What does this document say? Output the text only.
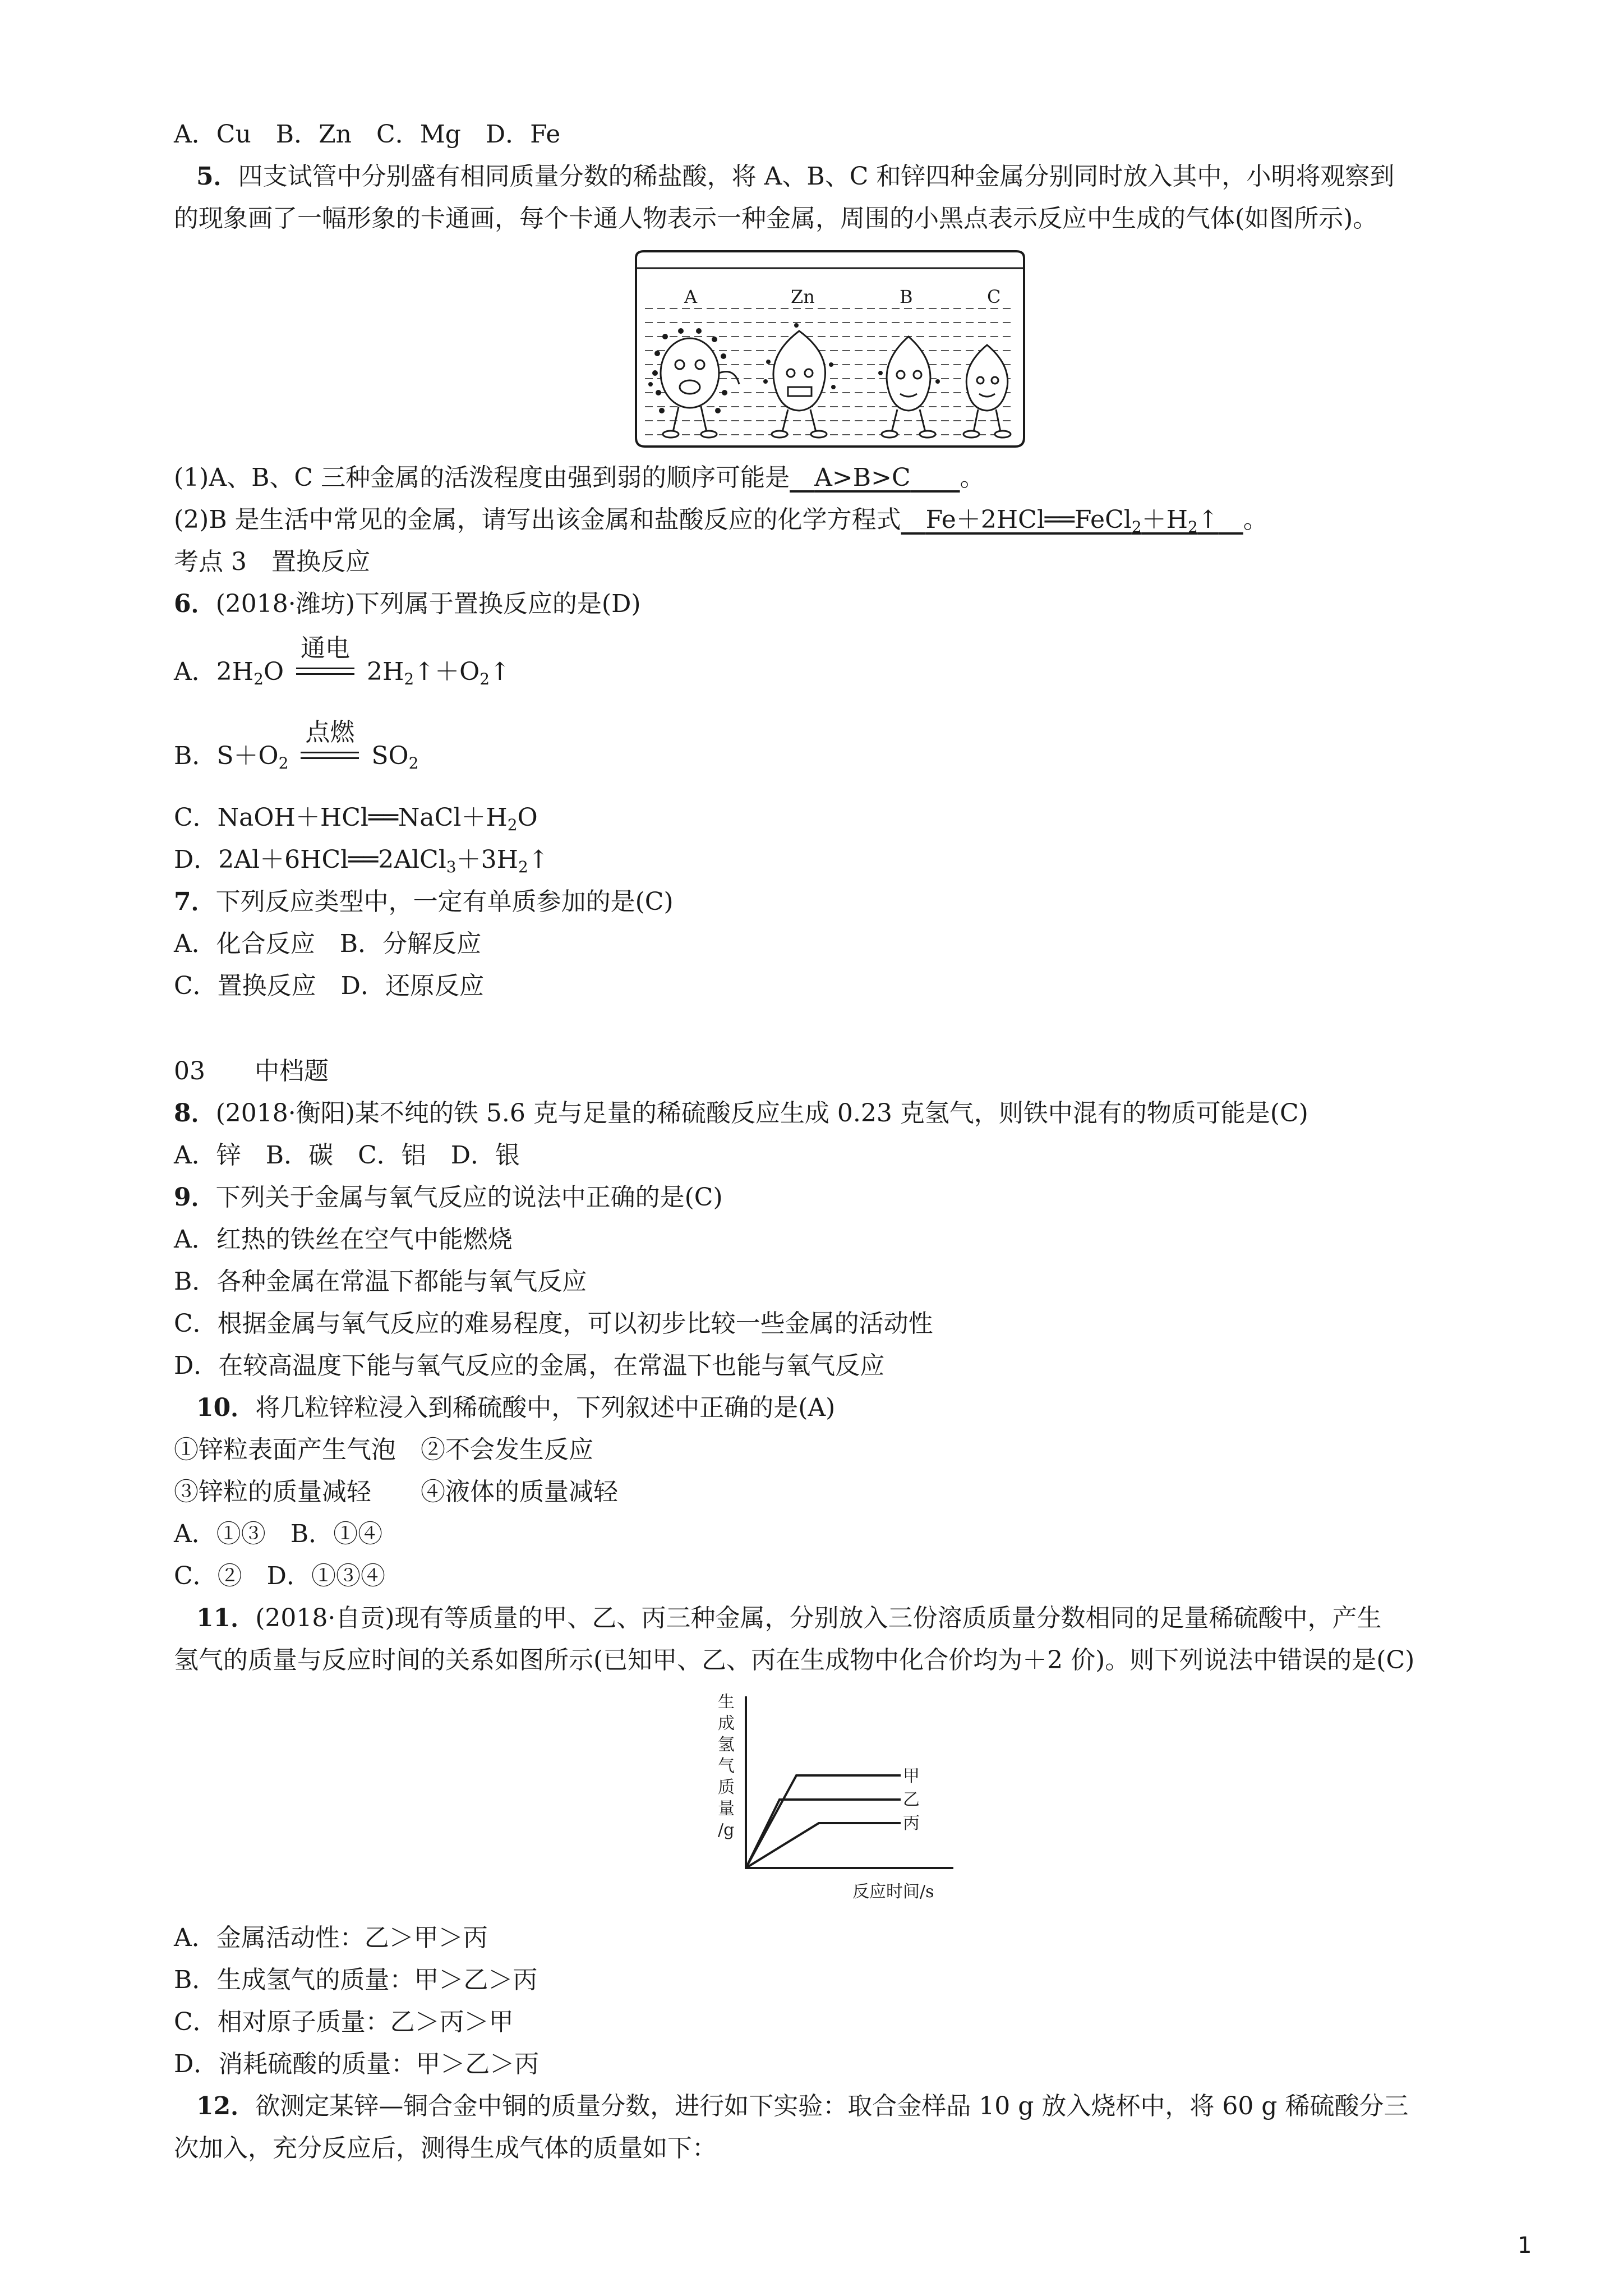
A．Cu　B．Zn　C．Mg　D．Fe
5．四支试管中分别盛有相同质量分数的稀盐酸，将 A、B、C 和锌四种金属分别同时放入其中，小明将观察到
的现象画了一幅形象的卡通画，每个卡通人物表示一种金属，周围的小黑点表示反应中生成的气体(如图所示)。
A	Zn	B	C
(1)A、B、C 三种金属的活泼程度由强到弱的顺序可能是　 A>B>C　　 。
(2)B 是生活中常见的金属，请写出该金属和盐酸反应的化学方程式　 $Fe+2HCl══FeCl_2+H_2↑$　 。
考点 3　置换反应
6．(2018·潍坊)下列属于置换反应的是(D)
A．$2H_2O$
通电
$2H_2↑+O_2↑$
B．$S+O_2$
点燃
$SO_2$
C．$NaOH+HCl══NaCl+H_2O$
D．$2Al+6HCl══2AlCl_3+3H_2↑$
7．下列反应类型中，一定有单质参加的是(C)
A．化合反应　B．分解反应
C．置换反应　D．还原反应
03　　中档题
8．(2018·衡阳)某不纯的铁 5.6 克与足量的稀硫酸反应生成 0.23 克氢气，则铁中混有的物质可能是(C)
A．锌　B．碳　C．铝　D．银
9．下列关于金属与氧气反应的说法中正确的是(C)
A．红热的铁丝在空气中能燃烧
B．各种金属在常温下都能与氧气反应
C．根据金属与氧气反应的难易程度，可以初步比较一些金属的活动性
D．在较高温度下能与氧气反应的金属，在常温下也能与氧气反应
10．将几粒锌粒浸入到稀硫酸中，下列叙述中正确的是(A)
①锌粒表面产生气泡　②不会发生反应
③锌粒的质量减轻　　④液体的质量减轻
A．①③　B．①④
C．②　D．①③④
11．(2018·自贡)现有等质量的甲、乙、丙三种金属，分别放入三份溶质质量分数相同的足量稀硫酸中，产生
氢气的质量与反应时间的关系如图所示(已知甲、乙、丙在生成物中化合价均为＋2 价)。则下列说法中错误的是(C)
生
成
氢
气
质
量
/g
反应时间/s
甲
乙
丙
A．金属活动性：乙＞甲＞丙
B．生成氢气的质量：甲＞乙＞丙
C．相对原子质量：乙＞丙＞甲
D．消耗硫酸的质量：甲＞乙＞丙
12．欲测定某锌—铜合金中铜的质量分数，进行如下实验：取合金样品 10 g 放入烧杯中，将 60 g 稀硫酸分三
次加入，充分反应后，测得生成气体的质量如下：
1
